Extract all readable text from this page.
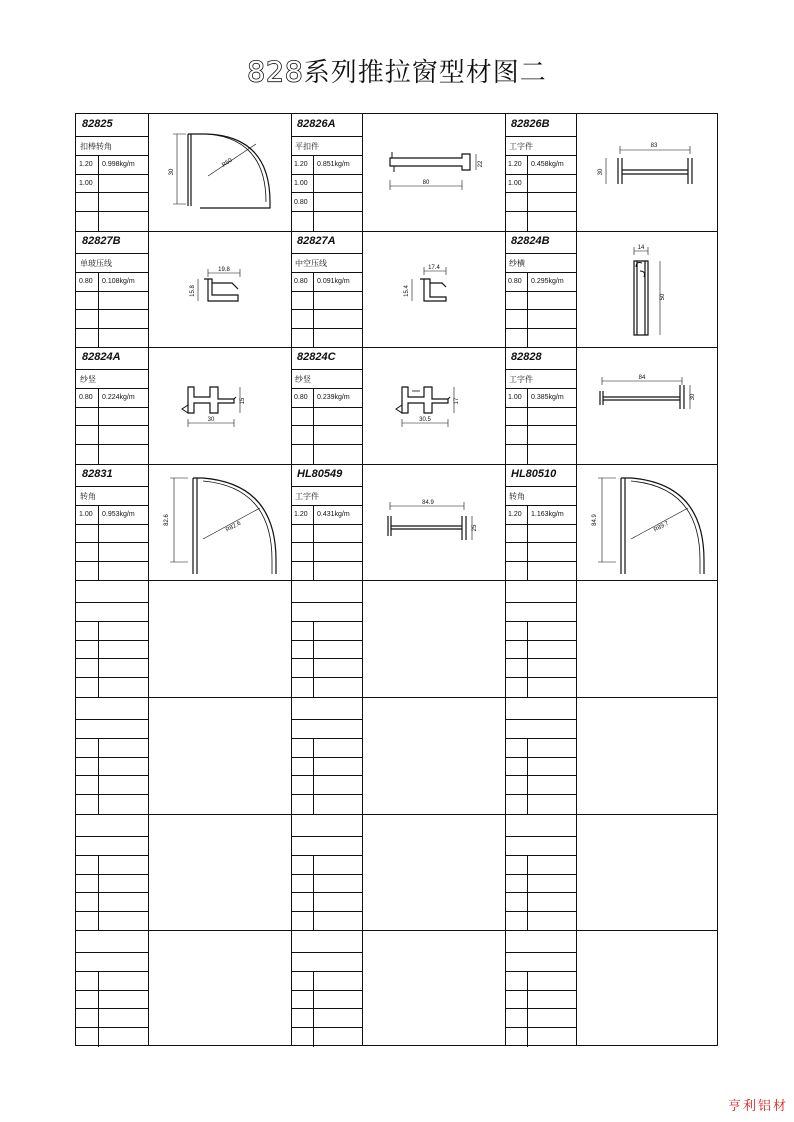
828系列推拉窗型材图二
82825
扣棒转角
1.20 0.998kg/m
1.00
30
R50
82826A
平扣件
1.20 0.851kg/m
1.00
0.80
80
22
82826B
工字件
1.20 0.458kg/m
1.00
83
30
82827B
单玻压线
0.80 0.108kg/m
19.8
15.8
82827A
中空压线
0.80 0.091kg/m
17.4
15.4
82824B
纱横
0.80 0.295kg/m
14
50
82824A
纱竖
0.80 0.224kg/m
30
15
82824C
纱竖
0.80 0.239kg/m
30.5
17
82828
工字件
1.00 0.385kg/m
84
30
82831
转角
1.00 0.953kg/m	82.6
R82.6
HL80549
工字件
1.20 0.431kg/m
84.9
25
HL80510
转角
1.20 1.163kg/m	84.9
R89.7
亨利铝材
